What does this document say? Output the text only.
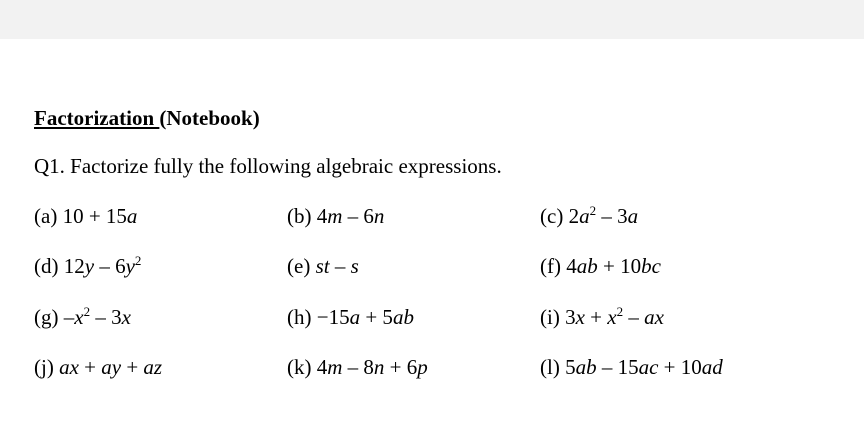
Factorization (Notebook)
Q1. Factorize fully the following algebraic expressions.
(a) 10 + 15a	(b) 4m – 6n	(c) $2a^2 - 3a$
(d) $12y - 6y^2$	(e) st – s	(f) 4ab + 10bc
(g) $-x^2 - 3x$	(h) −15a + 5ab	(i) $3x + x^2$ – ax
(j) ax + ay + az	(k) 4m – 8n + 6p	(l) 5ab – 15ac + 10ad
